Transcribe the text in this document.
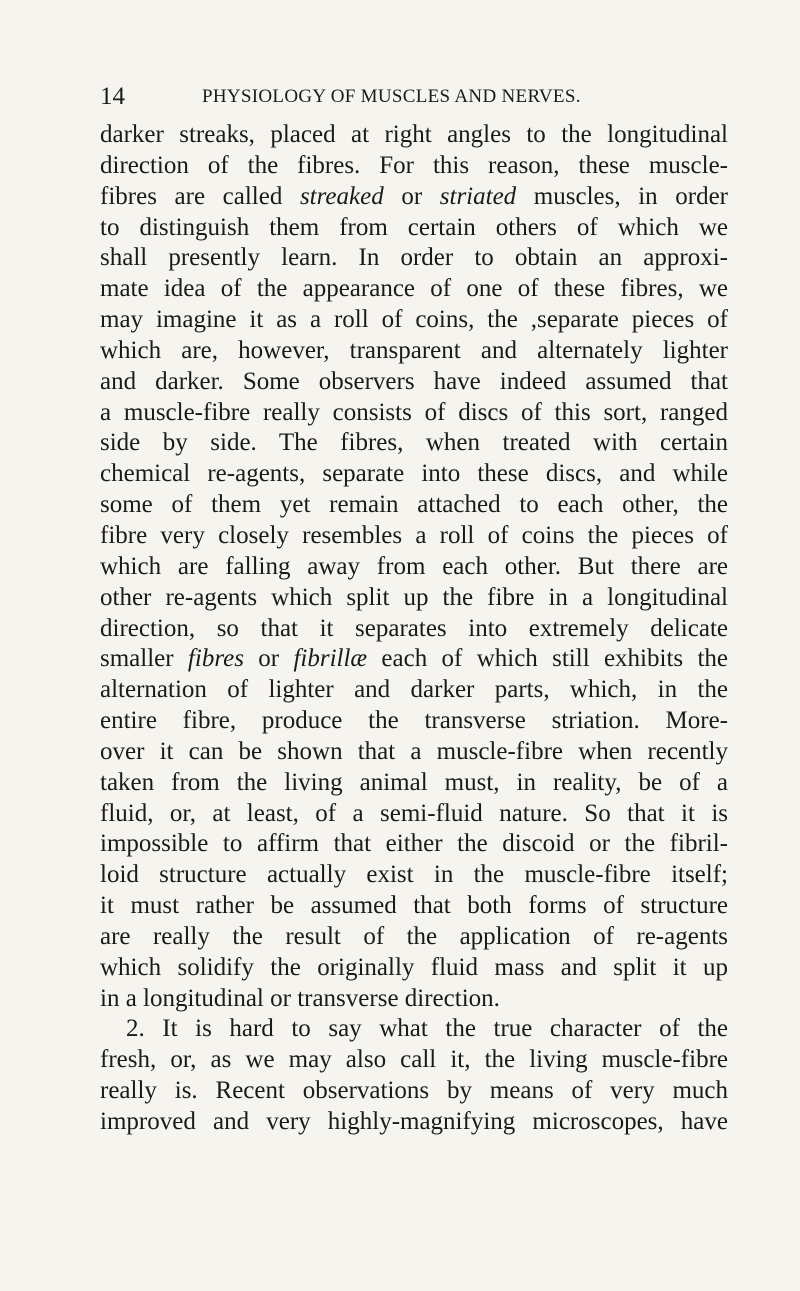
14	PHYSIOLOGY OF MUSCLES AND NERVES.
darker streaks, placed at right angles to the longitudinal
direction of the fibres. For this reason, these muscle-
fibres are called streaked or striated muscles, in order
to distinguish them from certain others of which we
shall presently learn. In order to obtain an approxi-
mate idea of the appearance of one of these fibres, we
may imagine it as a roll of coins, the ,separate pieces of
which are, however, transparent and alternately lighter
and darker. Some observers have indeed assumed that
a muscle-fibre really consists of discs of this sort, ranged
side by side. The fibres, when treated with certain
chemical re-agents, separate into these discs, and while
some of them yet remain attached to each other, the
fibre very closely resembles a roll of coins the pieces of
which are falling away from each other. But there are
other re-agents which split up the fibre in a longitudinal
direction, so that it separates into extremely delicate
smaller fibres or fibrillæ each of which still exhibits the
alternation of lighter and darker parts, which, in the
entire fibre, produce the transverse striation. More-
over it can be shown that a muscle-fibre when recently
taken from the living animal must, in reality, be of a
fluid, or, at least, of a semi-fluid nature. So that it is
impossible to affirm that either the discoid or the fibril-
loid structure actually exist in the muscle-fibre itself;
it must rather be assumed that both forms of structure
are really the result of the application of re-agents
which solidify the originally fluid mass and split it up
in a longitudinal or transverse direction.
2. It is hard to say what the true character of the
fresh, or, as we may also call it, the living muscle-fibre
really is. Recent observations by means of very much
improved and very highly-magnifying microscopes, have
